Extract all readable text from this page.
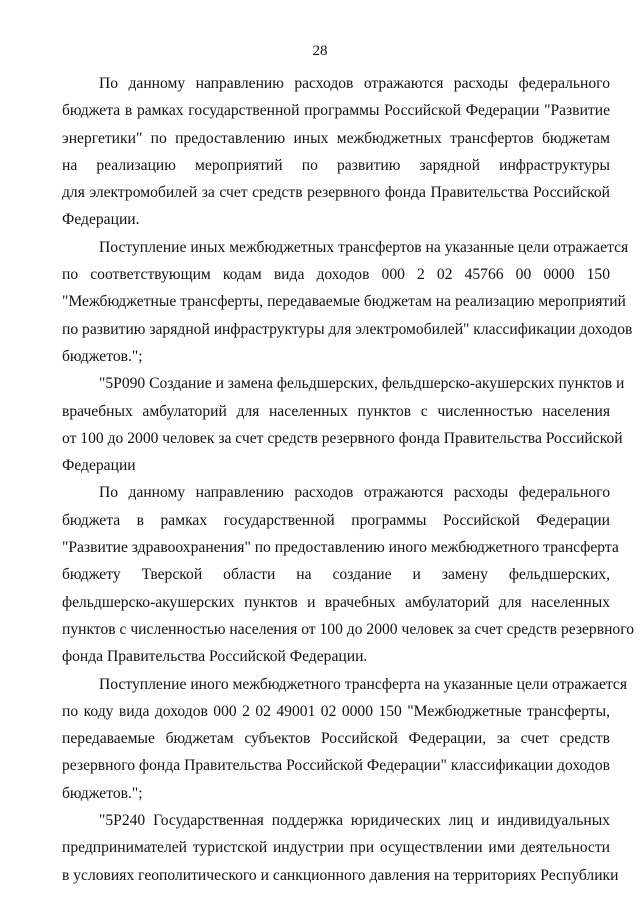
28
По данному направлению расходов отражаются расходы федерального
бюджета в рамках государственной программы Российской Федерации "Развитие
энергетики" по предоставлению иных межбюджетных трансфертов бюджетам
на реализацию мероприятий по развитию зарядной инфраструктуры
для электромобилей за счет средств резервного фонда Правительства Российской
Федерации.
Поступление иных межбюджетных трансфертов на указанные цели отражается
по соответствующим кодам вида доходов 000 2 02 45766 00 0000 150
"Межбюджетные трансферты, передаваемые бюджетам на реализацию мероприятий
по развитию зарядной инфраструктуры для электромобилей" классификации доходов
бюджетов.";
"5Р090 Создание и замена фельдшерских, фельдшерско-акушерских пунктов и
врачебных амбулаторий для населенных пунктов с численностью населения
от 100 до 2000 человек за счет средств резервного фонда Правительства Российской
Федерации
По данному направлению расходов отражаются расходы федерального
бюджета в рамках государственной программы Российской Федерации
"Развитие здравоохранения" по предоставлению иного межбюджетного трансферта
бюджету Тверской области на создание и замену фельдшерских,
фельдшерско-акушерских пунктов и врачебных амбулаторий для населенных
пунктов с численностью населения от 100 до 2000 человек за счет средств резервного
фонда Правительства Российской Федерации.
Поступление иного межбюджетного трансферта на указанные цели отражается
по коду вида доходов 000 2 02 49001 02 0000 150 "Межбюджетные трансферты,
передаваемые бюджетам субъектов Российской Федерации, за счет средств
резервного фонда Правительства Российской Федерации" классификации доходов
бюджетов.";
"5Р240 Государственная поддержка юридических лиц и индивидуальных
предпринимателей туристской индустрии при осуществлении ими деятельности
в условиях геополитического и санкционного давления на территориях Республики
